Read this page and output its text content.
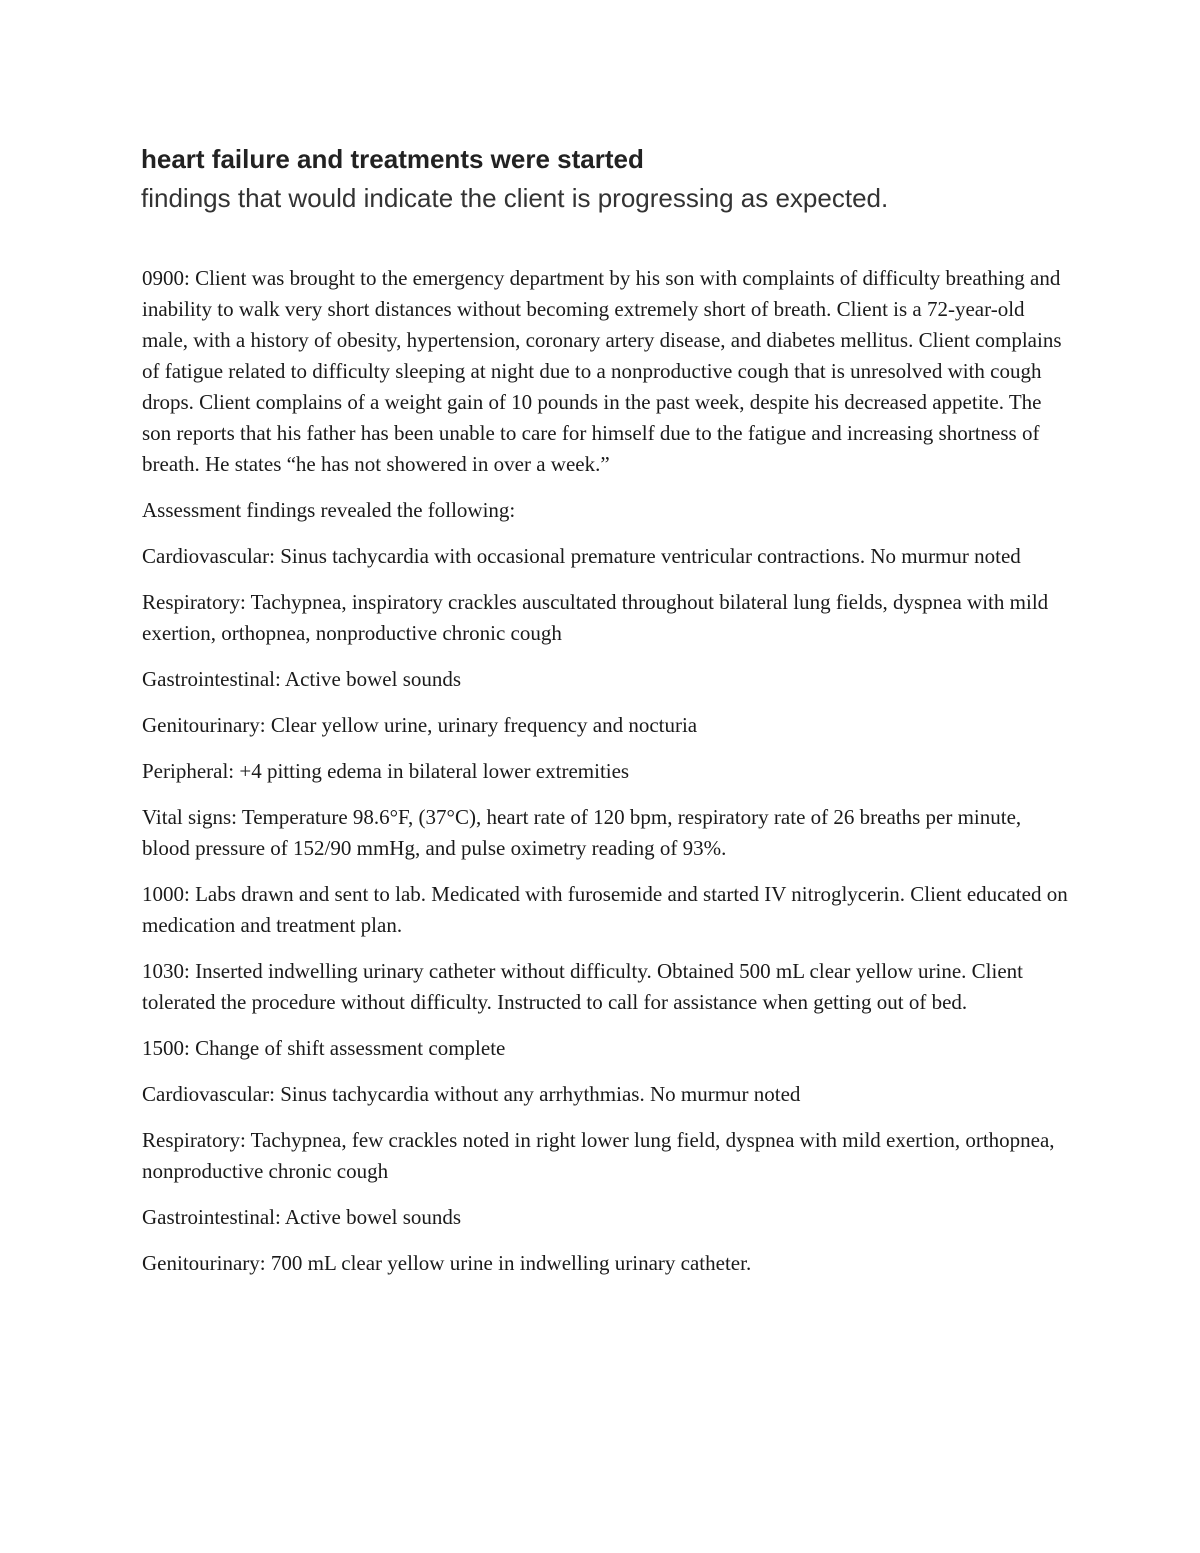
heart failure and treatments were started
findings that would indicate the client is progressing as expected.

0900: Client was brought to the emergency department by his son with complaints of difficulty breathing and inability to walk very short distances without becoming extremely short of breath. Client is a 72-year-old male, with a history of obesity, hypertension, coronary artery disease, and diabetes mellitus. Client complains of fatigue related to difficulty sleeping at night due to a nonproductive cough that is unresolved with cough drops. Client complains of a weight gain of 10 pounds in the past week, despite his decreased appetite. The son reports that his father has been unable to care for himself due to the fatigue and increasing shortness of breath. He states “he has not showered in over a week.”

Assessment findings revealed the following:

Cardiovascular: Sinus tachycardia with occasional premature ventricular contractions. No murmur noted

Respiratory: Tachypnea, inspiratory crackles auscultated throughout bilateral lung fields, dyspnea with mild exertion, orthopnea, nonproductive chronic cough

Gastrointestinal: Active bowel sounds

Genitourinary: Clear yellow urine, urinary frequency and nocturia

Peripheral: +4 pitting edema in bilateral lower extremities

Vital signs: Temperature 98.6°F, (37°C), heart rate of 120 bpm, respiratory rate of 26 breaths per minute, blood pressure of 152/90 mmHg, and pulse oximetry reading of 93%.

1000: Labs drawn and sent to lab. Medicated with furosemide and started IV nitroglycerin. Client educated on medication and treatment plan.

1030: Inserted indwelling urinary catheter without difficulty. Obtained 500 mL clear yellow urine. Client tolerated the procedure without difficulty. Instructed to call for assistance when getting out of bed.

1500: Change of shift assessment complete

Cardiovascular: Sinus tachycardia without any arrhythmias. No murmur noted

Respiratory: Tachypnea, few crackles noted in right lower lung field, dyspnea with mild exertion, orthopnea, nonproductive chronic cough

Gastrointestinal: Active bowel sounds

Genitourinary: 700 mL clear yellow urine in indwelling urinary catheter.
